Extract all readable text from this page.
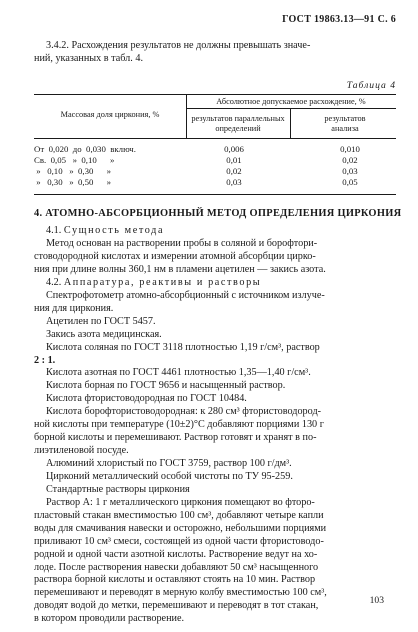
ГОСТ 19863.13—91 С. 6
3.4.2. Расхождения результатов не должны превышать значе-
ний, указанных в табл. 4.
Таблица 4
Массовая доля циркония, %
Абсолютное допускаемое расхождение, %
результатов параллельных определений
результатов анализа
От  0,020  до  0,030  включ.	0,006	0,010
Св.  0,05   »  0,10      »	0,01	0,02
»   0,10   »  0,30      »	0,02	0,03
»   0,30   »  0,50      »	0,03	0,05
4. АТОМНО-АБСОРБЦИОННЫЙ МЕТОД ОПРЕДЕЛЕНИЯ ЦИРКОНИЯ
4.1. Сущность метода
Метод основан на растворении пробы в соляной и борофтори-
стоводородной кислотах и измерении атомной абсорбции цирко-
ния при длине волны 360,1 нм в пламени ацетилен — закись азота.
4.2. Аппаратура, реактивы и растворы
Спектрофотометр атомно-абсорбционный с источником излуче-
ния для циркония.
Ацетилен по ГОСТ 5457.
Закись азота медицинская.
Кислота соляная по ГОСТ 3118 плотностью 1,19 г/см³, раствор
2 : 1.
Кислота азотная по ГОСТ 4461 плотностью 1,35—1,40 г/см³.
Кислота борная по ГОСТ 9656 и насыщенный раствор.
Кислота фтористоводородная по ГОСТ 10484.
Кислота борофтористоводородная: к 280 см³ фтористоводород-
ной кислоты при температуре (10±2)°С добавляют порциями 130 г
борной кислоты и перемешивают. Раствор готовят и хранят в по-
лиэтиленовой посуде.
Алюминий хлористый по ГОСТ 3759, раствор 100 г/дм³.
Цирконий металлический особой чистоты по ТУ 95-259.
Стандартные растворы циркония
Раствор А: 1 г металлического циркония помещают во фторо-
пластовый стакан вместимостью 100 см³, добавляют четыре капли
воды для смачивания навески и осторожно, небольшими порциями
приливают 10 см³ смеси, состоящей из одной части фтористоводо-
родной и одной части азотной кислоты. Растворение ведут на хо-
лоде. После растворения навески добавляют 50 см³ насыщенного
раствора борной кислоты и оставляют стоять на 10 мин. Раствор
перемешивают и переводят в мерную колбу вместимостью 100 см³,
доводят водой до метки, перемешивают и переводят в тот стакан,
в котором проводили растворение.
103
